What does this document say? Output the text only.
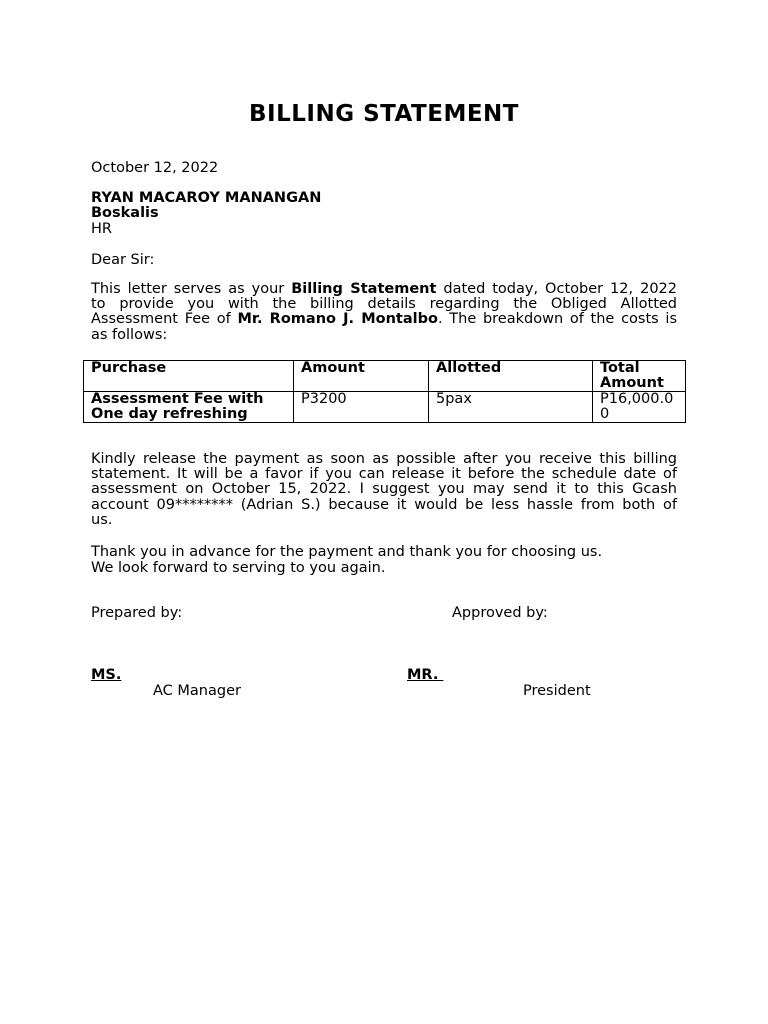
BILLING STATEMENT
October 12, 2022
RYAN MACAROY MANANGAN
Boskalis
HR
Dear Sir:
This letter serves as your Billing Statement dated today, October 12, 2022
to provide you with the billing details regarding the Obliged Allotted
Assessment Fee of Mr. Romano J. Montalbo. The breakdown of the costs is
as follows:
Purchase	Amount	Allotted	Total Amount
Assessment Fee with One day refreshing	P3200	5pax	P16,000.00
Kindly release the payment as soon as possible after you receive this billing
statement. It will be a favor if you can release it before the schedule date of
assessment on October 15, 2022. I suggest you may send it to this Gcash
account 09******** (Adrian S.) because it would be less hassle from both of
us.
Thank you in advance for the payment and thank you for choosing us.
We look forward to serving to you again.
Prepared by:	Approved by:
MS.	MR.
AC Manager	President
